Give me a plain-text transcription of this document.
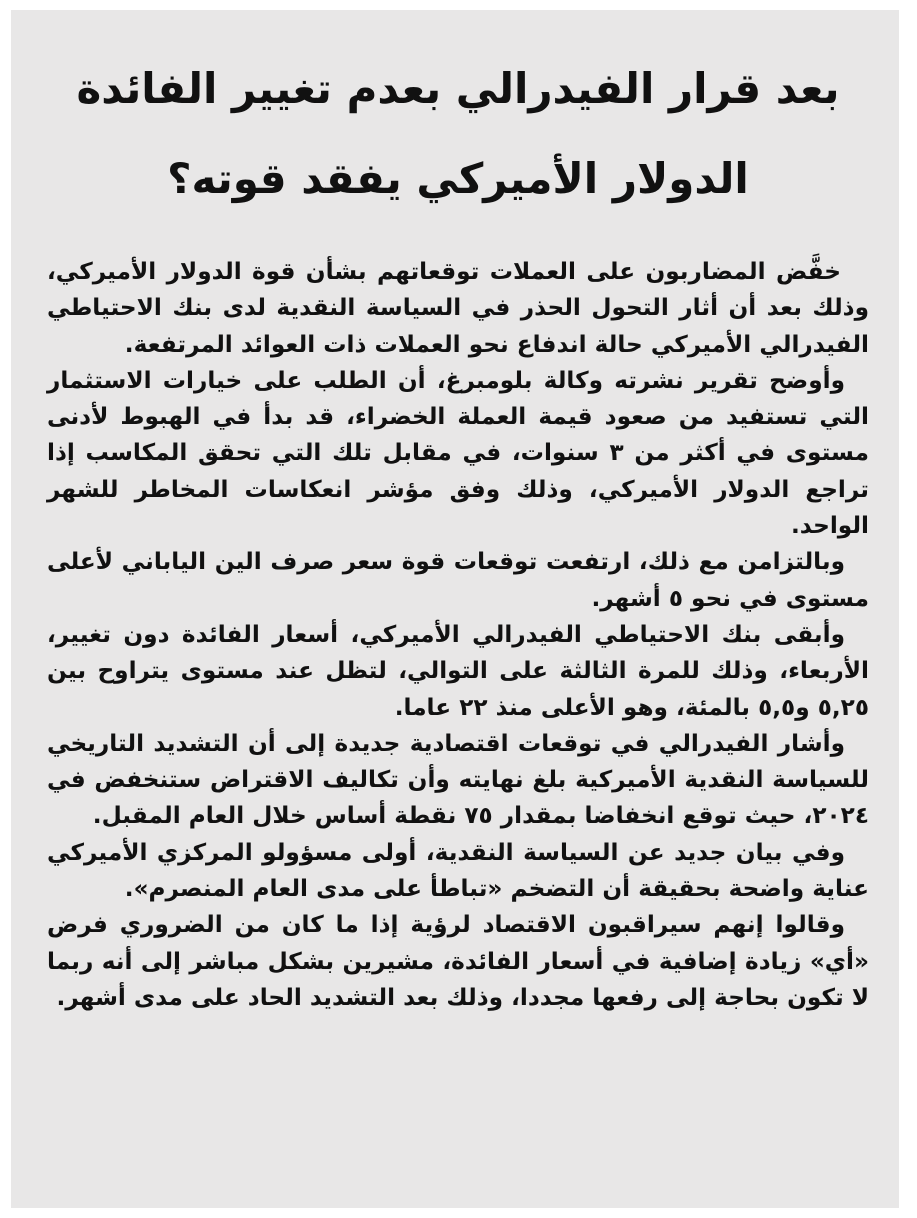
بعد قرار الفيدرالي بعدم تغيير الفائدة
الدولار الأميركي يفقد قوته؟

خفَّض المضاربون على العملات توقعاتهم بشأن قوة الدولار الأميركي، وذلك بعد أن أثار التحول الحذر في السياسة النقدية لدى بنك الاحتياطي الفيدرالي الأميركي حالة اندفاع نحو العملات ذات العوائد المرتفعة.

وأوضح تقرير نشرته وكالة بلومبرغ، أن الطلب على خيارات الاستثمار التي تستفيد من صعود قيمة العملة الخضراء، قد بدأ في الهبوط لأدنى مستوى في أكثر من ٣ سنوات، في مقابل تلك التي تحقق المكاسب إذا تراجع الدولار الأميركي، وذلك وفق مؤشر انعكاسات المخاطر للشهر الواحد.

وبالتزامن مع ذلك، ارتفعت توقعات قوة سعر صرف الين الياباني لأعلى مستوى في نحو ٥ أشهر.

وأبقى بنك الاحتياطي الفيدرالي الأميركي، أسعار الفائدة دون تغيير، الأربعاء، وذلك للمرة الثالثة على التوالي، لتظل عند مستوى يتراوح بين ٥,٢٥ و٥,٥ بالمئة، وهو الأعلى منذ ٢٢ عاما.

وأشار الفيدرالي في توقعات اقتصادية جديدة إلى أن التشديد التاريخي للسياسة النقدية الأميركية بلغ نهايته وأن تكاليف الاقتراض ستنخفض في ٢٠٢٤، حيث توقع انخفاضا بمقدار ٧٥ نقطة أساس خلال العام المقبل.

وفي بيان جديد عن السياسة النقدية، أولى مسؤولو المركزي الأميركي عناية واضحة بحقيقة أن التضخم «تباطأ على مدى العام المنصرم».

وقالوا إنهم سيراقبون الاقتصاد لرؤية إذا ما كان من الضروري فرض «أي» زيادة إضافية في أسعار الفائدة، مشيرين بشكل مباشر إلى أنه ربما لا تكون بحاجة إلى رفعها مجددا، وذلك بعد التشديد الحاد على مدى أشهر.
